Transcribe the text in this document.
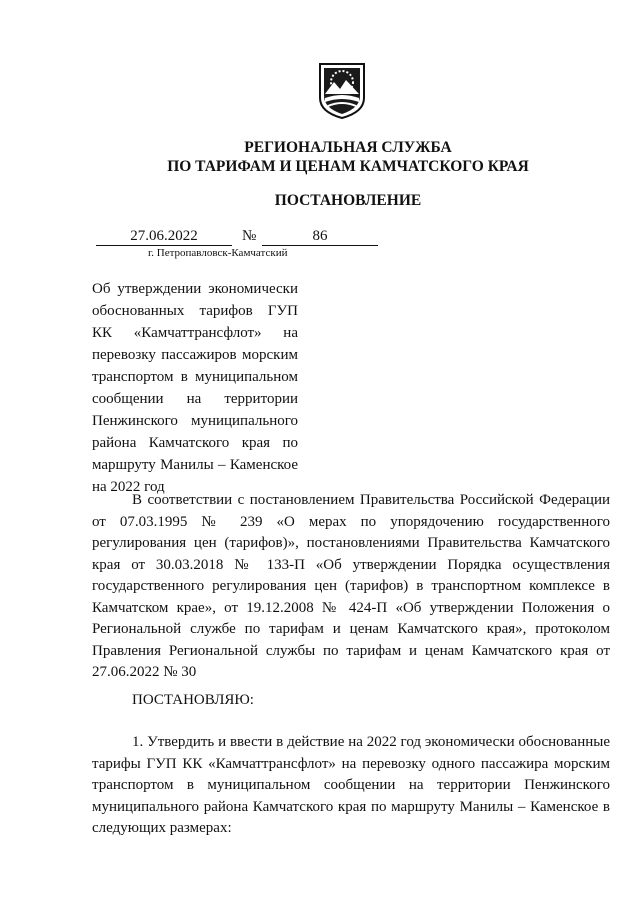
РЕГИОНАЛЬНАЯ СЛУЖБА
ПО ТАРИФАМ И ЦЕНАМ КАМЧАТСКОГО КРАЯ
ПОСТАНОВЛЕНИЕ
27.06.2022	№	86
г. Петропавловск-Камчатский
Об утверждении экономически обоснованных тарифов ГУП КК «Камчаттрансфлот» на перевозку пассажиров морским транспортом в муниципальном сообщении на территории Пенжинского муниципального района Камчатского края по маршруту Манилы – Каменское на 2022 год

В соответствии с постановлением Правительства Российской Федерации от 07.03.1995 № 239 «О мерах по упорядочению государственного регулирования цен (тарифов)», постановлениями Правительства Камчатского края от 30.03.2018 № 133-П «Об утверждении Порядка осуществления государственного регулирования цен (тарифов) в транспортном комплексе в Камчатском крае», от 19.12.2008 № 424-П «Об утверждении Положения о Региональной службе по тарифам и ценам Камчатского края», протоколом Правления Региональной службы по тарифам и ценам Камчатского края от 27.06.2022 № 30

ПОСТАНОВЛЯЮ:

1. Утвердить и ввести в действие на 2022 год экономически обоснованные тарифы ГУП КК «Камчаттрансфлот» на перевозку одного пассажира морским транспортом в муниципальном сообщении на территории Пенжинского муниципального района Камчатского края по маршруту Манилы – Каменское в следующих размерах:
